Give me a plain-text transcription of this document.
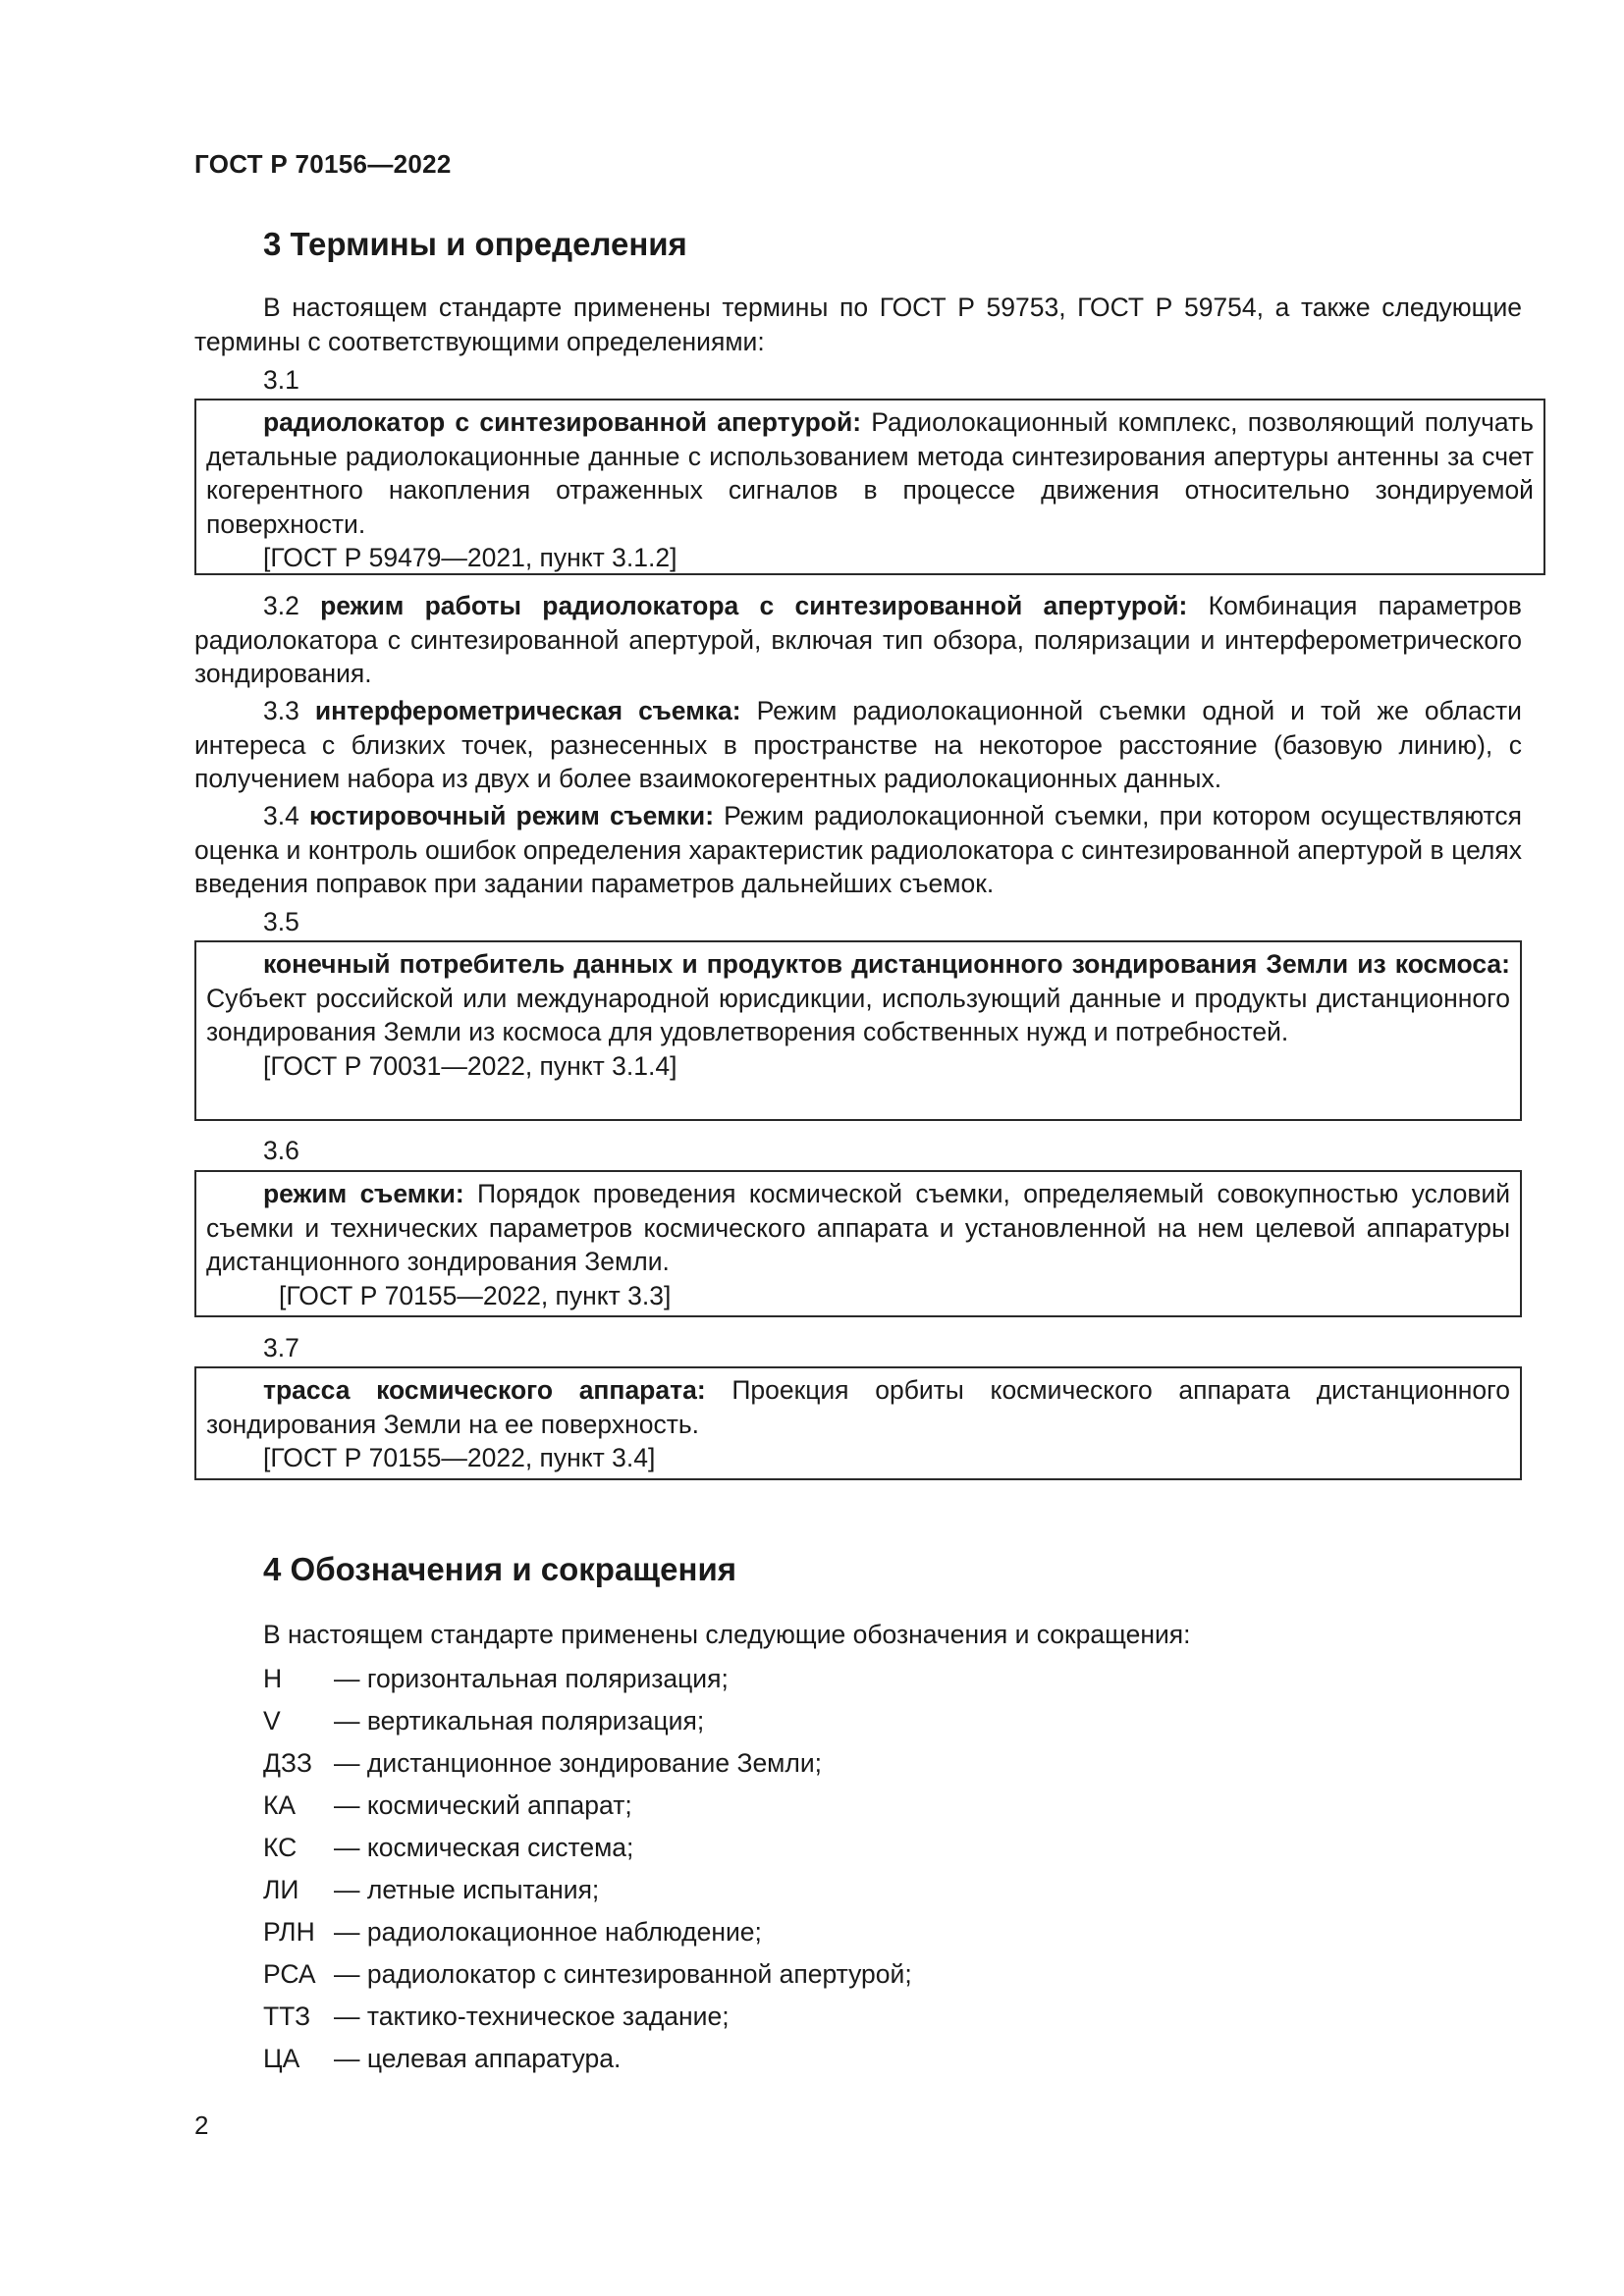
ГОСТ Р 70156—2022
3 Термины и определения
В настоящем стандарте применены термины по ГОСТ Р 59753, ГОСТ Р 59754, а также следующие термины с соответствующими определениями:
3.1
радиолокатор с синтезированной апертурой: Радиолокационный комплекс, позволяющий получать детальные радиолокационные данные с использованием метода синтезирования апертуры антенны за счет когерентного накопления отраженных сигналов в процессе движения относительно зондируемой поверхности.
[ГОСТ Р 59479—2021, пункт 3.1.2]
3.2 режим работы радиолокатора с синтезированной апертурой: Комбинация параметров радиолокатора с синтезированной апертурой, включая тип обзора, поляризации и интерферометрического зондирования.
3.3 интерферометрическая съемка: Режим радиолокационной съемки одной и той же области интереса с близких точек, разнесенных в пространстве на некоторое расстояние (базовую линию), с получением набора из двух и более взаимокогерентных радиолокационных данных.
3.4 юстировочный режим съемки: Режим радиолокационной съемки, при котором осуществляются оценка и контроль ошибок определения характеристик радиолокатора с синтезированной апертурой в целях введения поправок при задании параметров дальнейших съемок.
3.5
конечный потребитель данных и продуктов дистанционного зондирования Земли из космоса: Субъект российской или международной юрисдикции, использующий данные и продукты дистанционного зондирования Земли из космоса для удовлетворения собственных нужд и потребностей.
[ГОСТ Р 70031—2022, пункт 3.1.4]
3.6
режим съемки: Порядок проведения космической съемки, определяемый совокупностью условий съемки и технических параметров космического аппарата и установленной на нем целевой аппаратуры дистанционного зондирования Земли.
[ГОСТ Р 70155—2022, пункт 3.3]
3.7
трасса космического аппарата: Проекция орбиты космического аппарата дистанционного зондирования Земли на ее поверхность.
[ГОСТ Р 70155—2022, пункт 3.4]
4 Обозначения и сокращения
В настоящем стандарте применены следующие обозначения и сокращения:
H — горизонтальная поляризация;
V — вертикальная поляризация;
ДЗЗ — дистанционное зондирование Земли;
КА — космический аппарат;
КС — космическая система;
ЛИ — летные испытания;
РЛН — радиолокационное наблюдение;
РСА — радиолокатор с синтезированной апертурой;
ТТЗ — тактико-техническое задание;
ЦА — целевая аппаратура.
2
